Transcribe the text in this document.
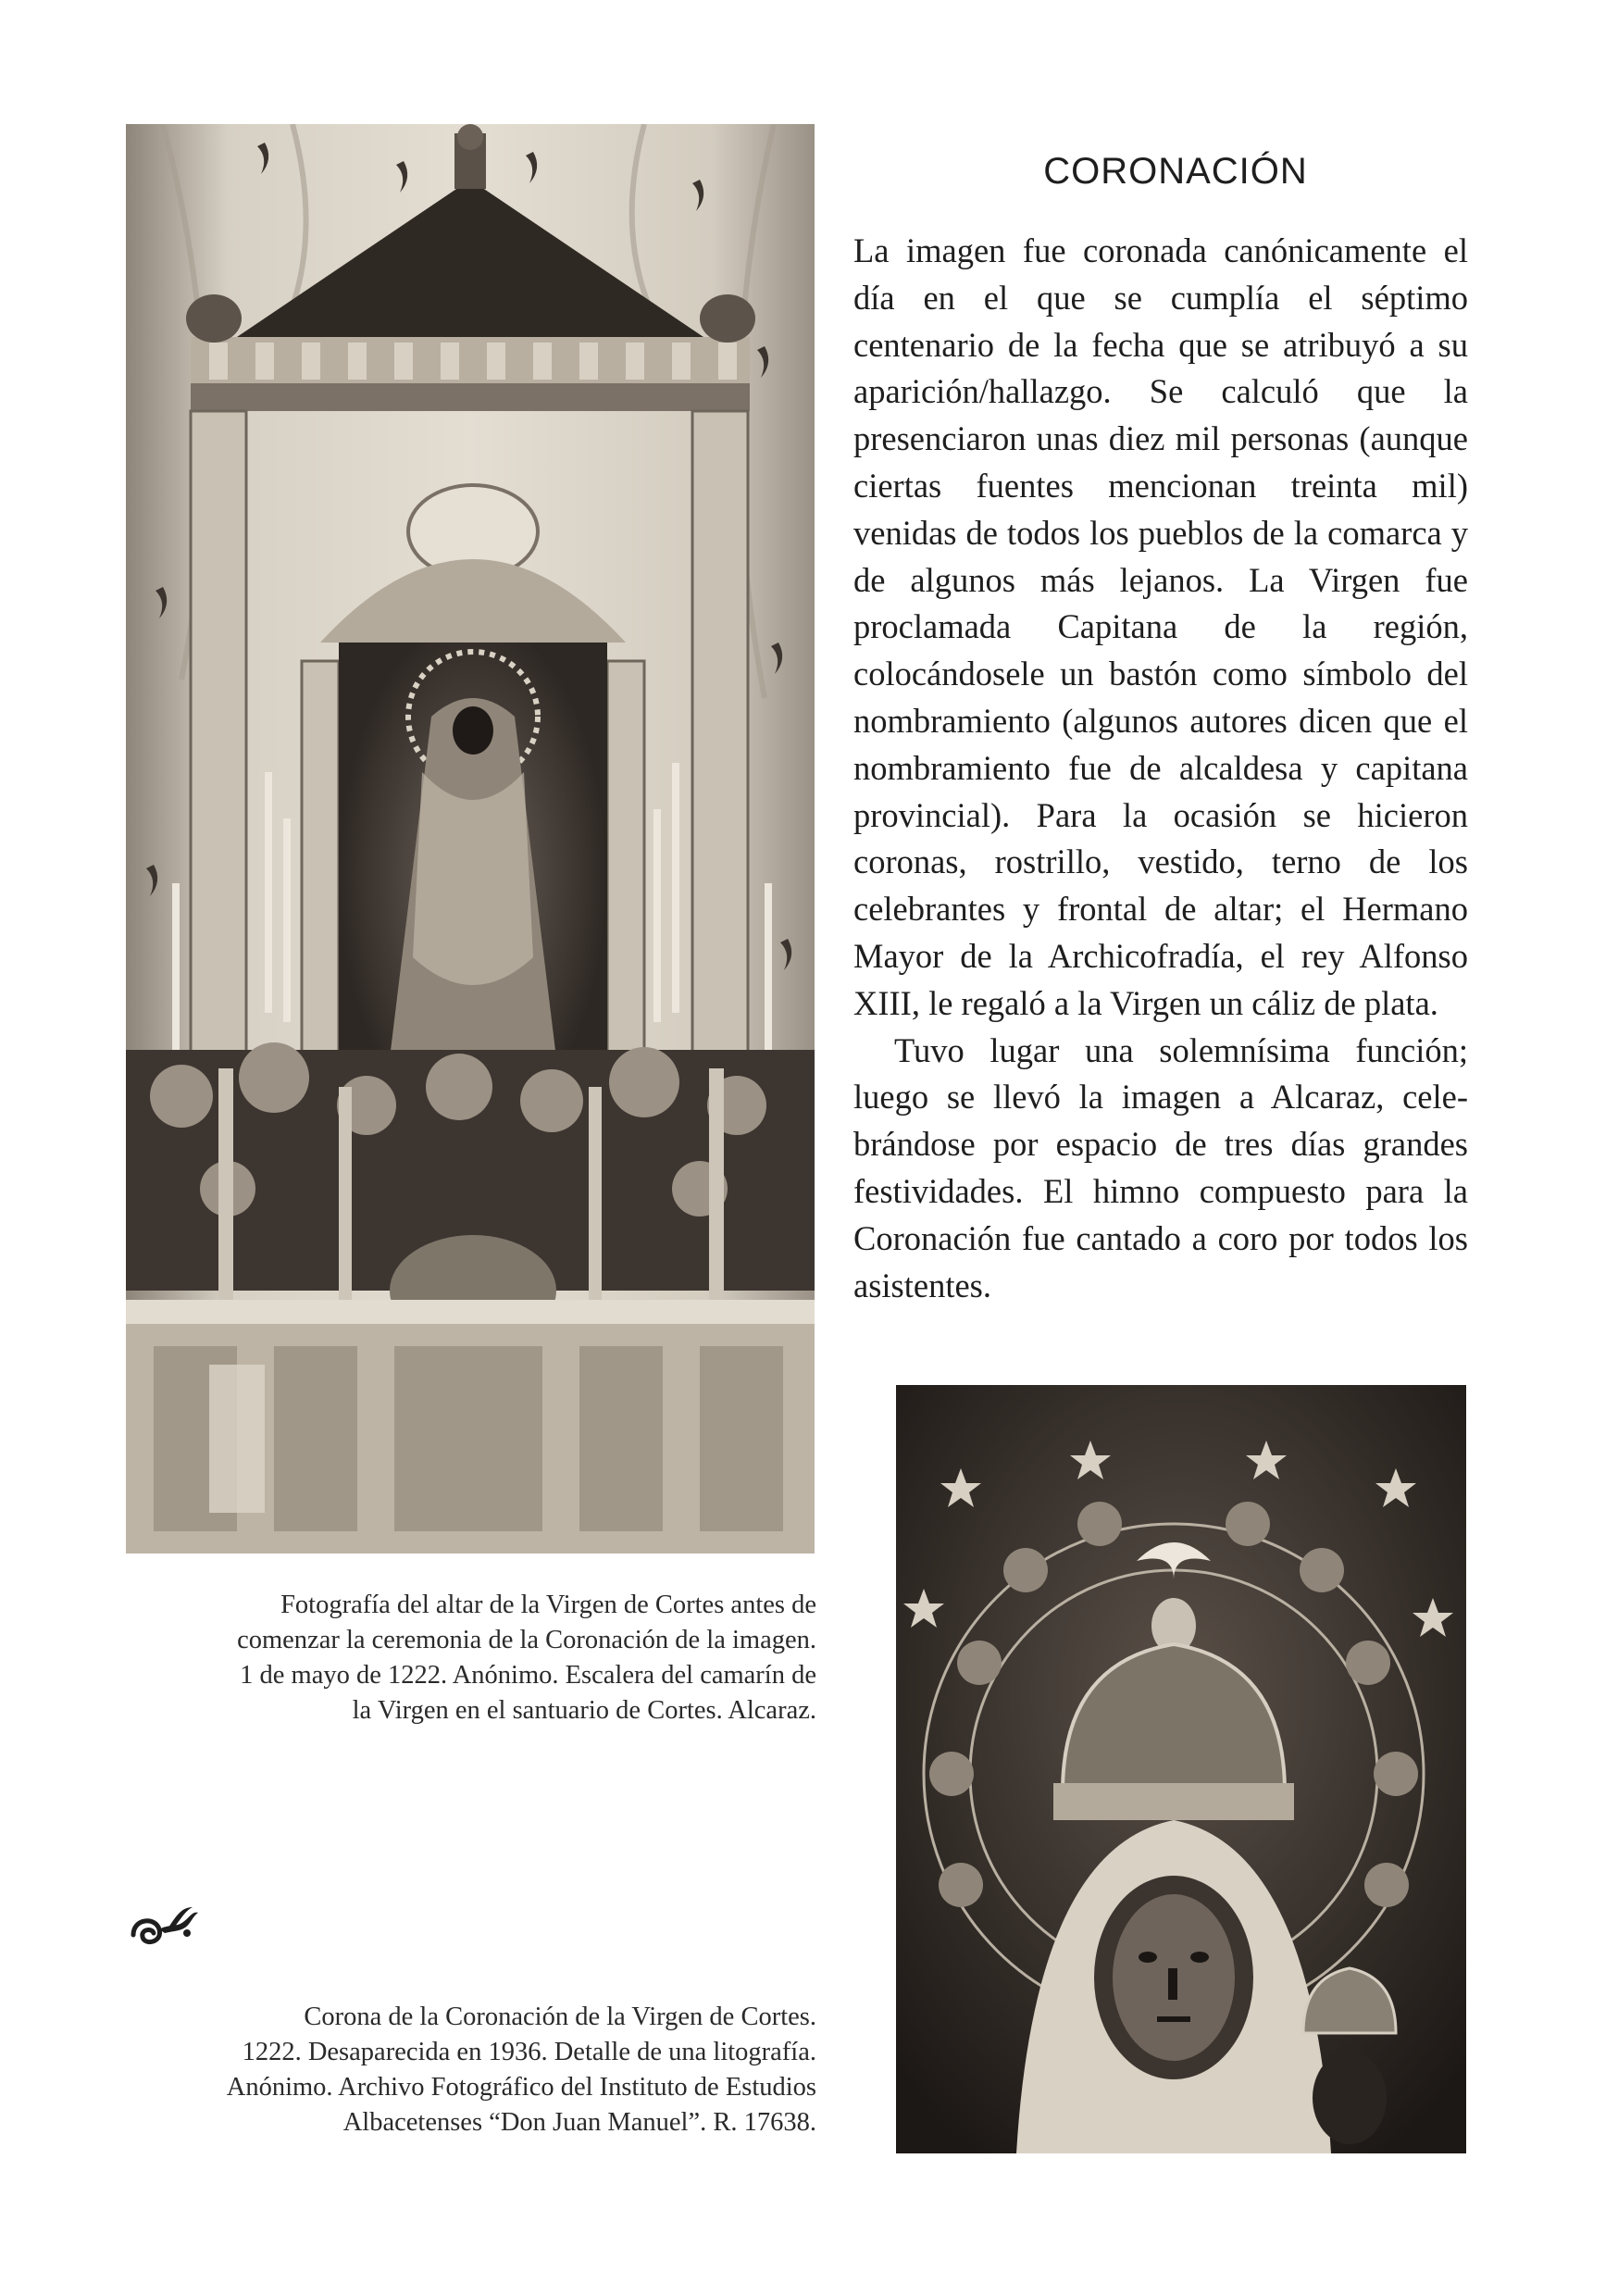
CORONACIÓN

La imagen fue coronada canónicamente el día en el que se cumplía el séptimo centenario de la fecha que se atribuyó a su aparición/hallazgo. Se calculó que la presenciaron unas diez mil personas (aunque ciertas fuentes mencionan treinta mil) venidas de todos los pueblos de la comarca y de algunos más lejanos. La Virgen fue proclamada Capitana de la región, colocándosele un bastón como símbolo del nombramiento (algunos autores dicen que el nombramiento fue de alcaldesa y capitana provincial). Para la ocasión se hicieron coronas, rostrillo, vestido, terno de los celebrantes y frontal de altar; el Hermano Mayor de la Archicofradía, el rey Alfonso XIII, le regaló a la Virgen un cáliz de plata.

Tuvo lugar una solemnísima función; luego se llevó la imagen a Alcaraz, celebrándose por espacio de tres días grandes festividades. El himno compuesto para la Coronación fue cantado a coro por todos los asistentes.

Fotografía del altar de la Virgen de Cortes antes de
comenzar la ceremonia de la Coronación de la imagen.
1 de mayo de 1222. Anónimo. Escalera del camarín de
la Virgen en el santuario de Cortes. Alcaraz.
Corona de la Coronación de la Virgen de Cortes.
1222. Desaparecida en 1936. Detalle de una litografía.
Anónimo. Archivo Fotográfico del Instituto de Estudios
Albacetenses “Don Juan Manuel”. R. 17638.
